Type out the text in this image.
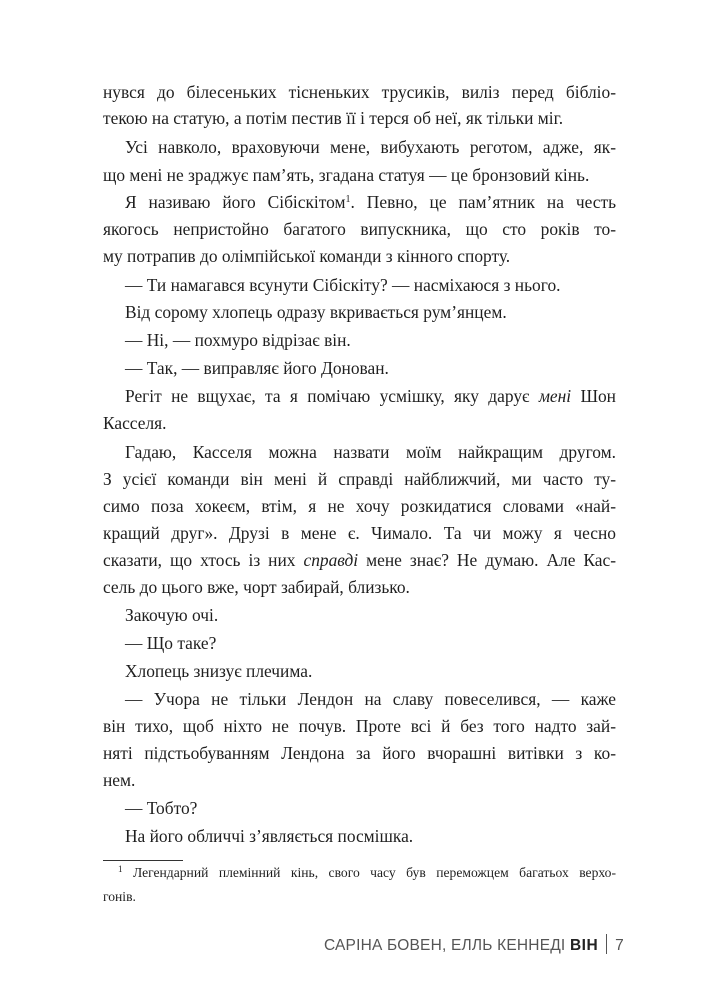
нувся до білесеньких тісненьких трусиків, виліз перед бібліо-
текою на статую, а потім пестив її і терся об неї, як тільки міг.
Усі навколо, враховуючи мене, вибухають реготом, адже, як-
що мені не зраджує пам’ять, згадана статуя — це бронзовий кінь.
Я називаю його Сібіскітом$^1$. Певно, це пам’ятник на честь
якогось непристойно багатого випускника, що сто років то-
му потрапив до олімпійської команди з кінного спорту.
— Ти намагався всунути Сібіскіту? — насміхаюся з нього.
Від сорому хлопець одразу вкривається рум’янцем.
— Ні, — похмуро відрізає він.
— Так, — виправляє його Донован.
Регіт не вщухає, та я помічаю усмішку, яку дарує мені Шон
Касселя.
Гадаю, Касселя можна назвати моїм найкращим другом.
З усієї команди він мені й справді найближчий, ми часто ту-
симо поза хокеєм, втім, я не хочу розкидатися словами «най-
кращий друг». Друзі в мене є. Чимало. Та чи можу я чесно
сказати, що хтось із них справді мене знає? Не думаю. Але Кас-
сель до цього вже, чорт забирай, близько.
Закочую очі.
— Що таке?
Хлопець знизує плечима.
— Учора не тільки Лендон на славу повеселився, — каже
він тихо, щоб ніхто не почув. Проте всі й без того надто зай-
няті підстьобуванням Лендона за його вчорашні витівки з ко-
нем.
— Тобто?
На його обличчі з’являється посмішка.
$^1$ Легендарний племінний кінь, свого часу був переможцем багатьох верхо-
гонів.
САРІНА БОВЕН, ЕЛЛЬ КЕННЕДІ ВІН 7
